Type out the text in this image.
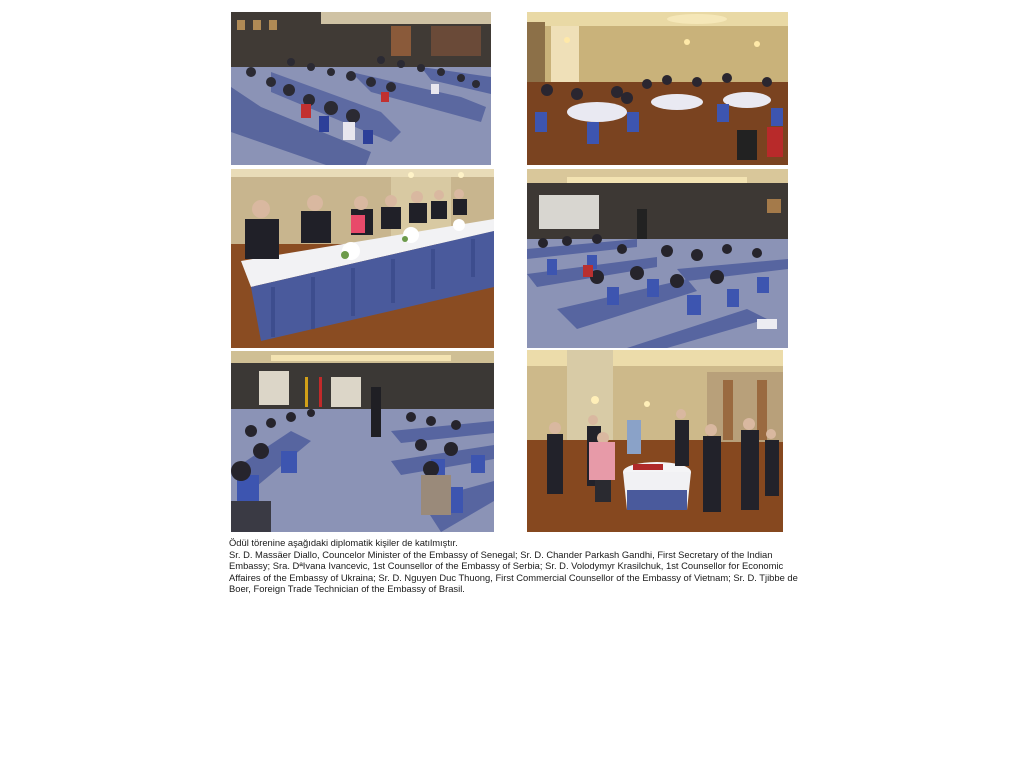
Ödül törenine aşağıdaki diplomatik kişiler de katılmıştır.

Sr. D. Massäer Diallo, Councelor Minister of the Embassy of Senegal; Sr. D. Chander Parkash Gandhi, First Secretary of the Indian Embassy; Sra. DªIvana Ivancevic, 1st Counsellor of the Embassy of Serbia; Sr. D. Volodymyr Krasilchuk, 1st Counsellor for Economic Affaires of the Embassy of Ukraina; Sr. D. Nguyen Duc Thuong, First Commercial Counsellor of the Embassy of Vietnam; Sr. D. Tjibbe de Boer, Foreign Trade Technician of the Embassy of Brasil.
